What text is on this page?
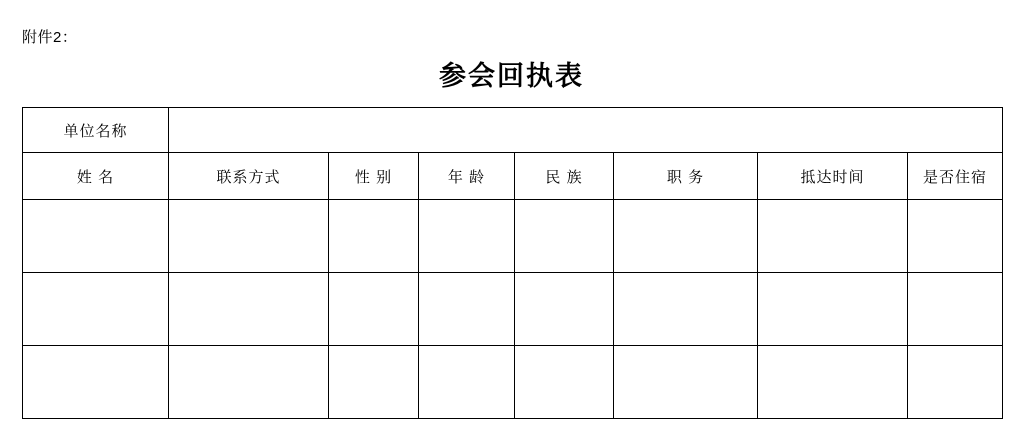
附件2：
参会回执表
单位名称							
姓 名	联系方式	性 别	年 龄	民 族	职 务	抵达时间	是否住宿
